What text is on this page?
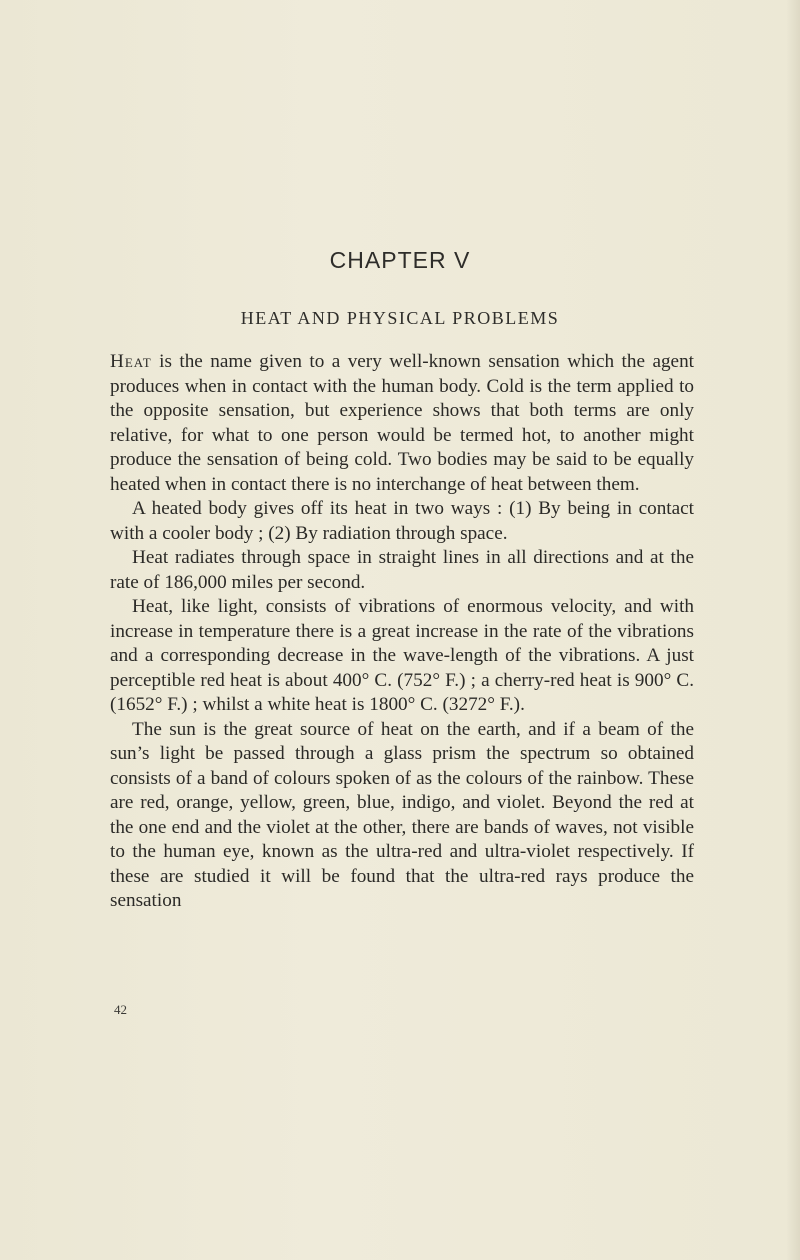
CHAPTER V
HEAT AND PHYSICAL PROBLEMS

Heat is the name given to a very well-known sensation which the agent produces when in contact with the human body. Cold is the term applied to the opposite sensation, but experience shows that both terms are only relative, for what to one person would be termed hot, to another might produce the sensation of being cold. Two bodies may be said to be equally heated when in contact there is no interchange of heat between them.

A heated body gives off its heat in two ways : (1) By being in contact with a cooler body ; (2) By radiation through space.

Heat radiates through space in straight lines in all directions and at the rate of 186,000 miles per second.

Heat, like light, consists of vibrations of enormous velocity, and with increase in temperature there is a great increase in the rate of the vibrations and a corresponding decrease in the wave-length of the vibrations. A just perceptible red heat is about 400° C. (752° F.) ; a cherry-red heat is 900° C. (1652° F.) ; whilst a white heat is 1800° C. (3272° F.).

The sun is the great source of heat on the earth, and if a beam of the sun’s light be passed through a glass prism the spectrum so obtained consists of a band of colours spoken of as the colours of the rainbow. These are red, orange, yellow, green, blue, indigo, and violet. Beyond the red at the one end and the violet at the other, there are bands of waves, not visible to the human eye, known as the ultra-red and ultra-violet respectively. If these are studied it will be found that the ultra-red rays produce the sensation

42
